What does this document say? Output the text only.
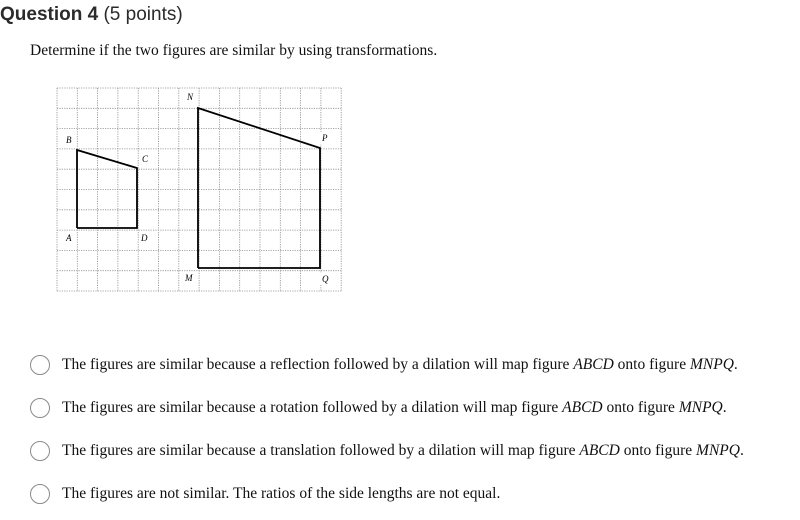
Question 4 (5 points)
Determine if the two figures are similar by using transformations.
B
C
A	D
N
P
M	Q
The figures are similar because a reflection followed by a dilation will map figure ABCD onto figure MNPQ.
The figures are similar because a rotation followed by a dilation will map figure ABCD onto figure MNPQ.
The figures are similar because a translation followed by a dilation will map figure ABCD onto figure MNPQ.
The figures are not similar. The ratios of the side lengths are not equal.
